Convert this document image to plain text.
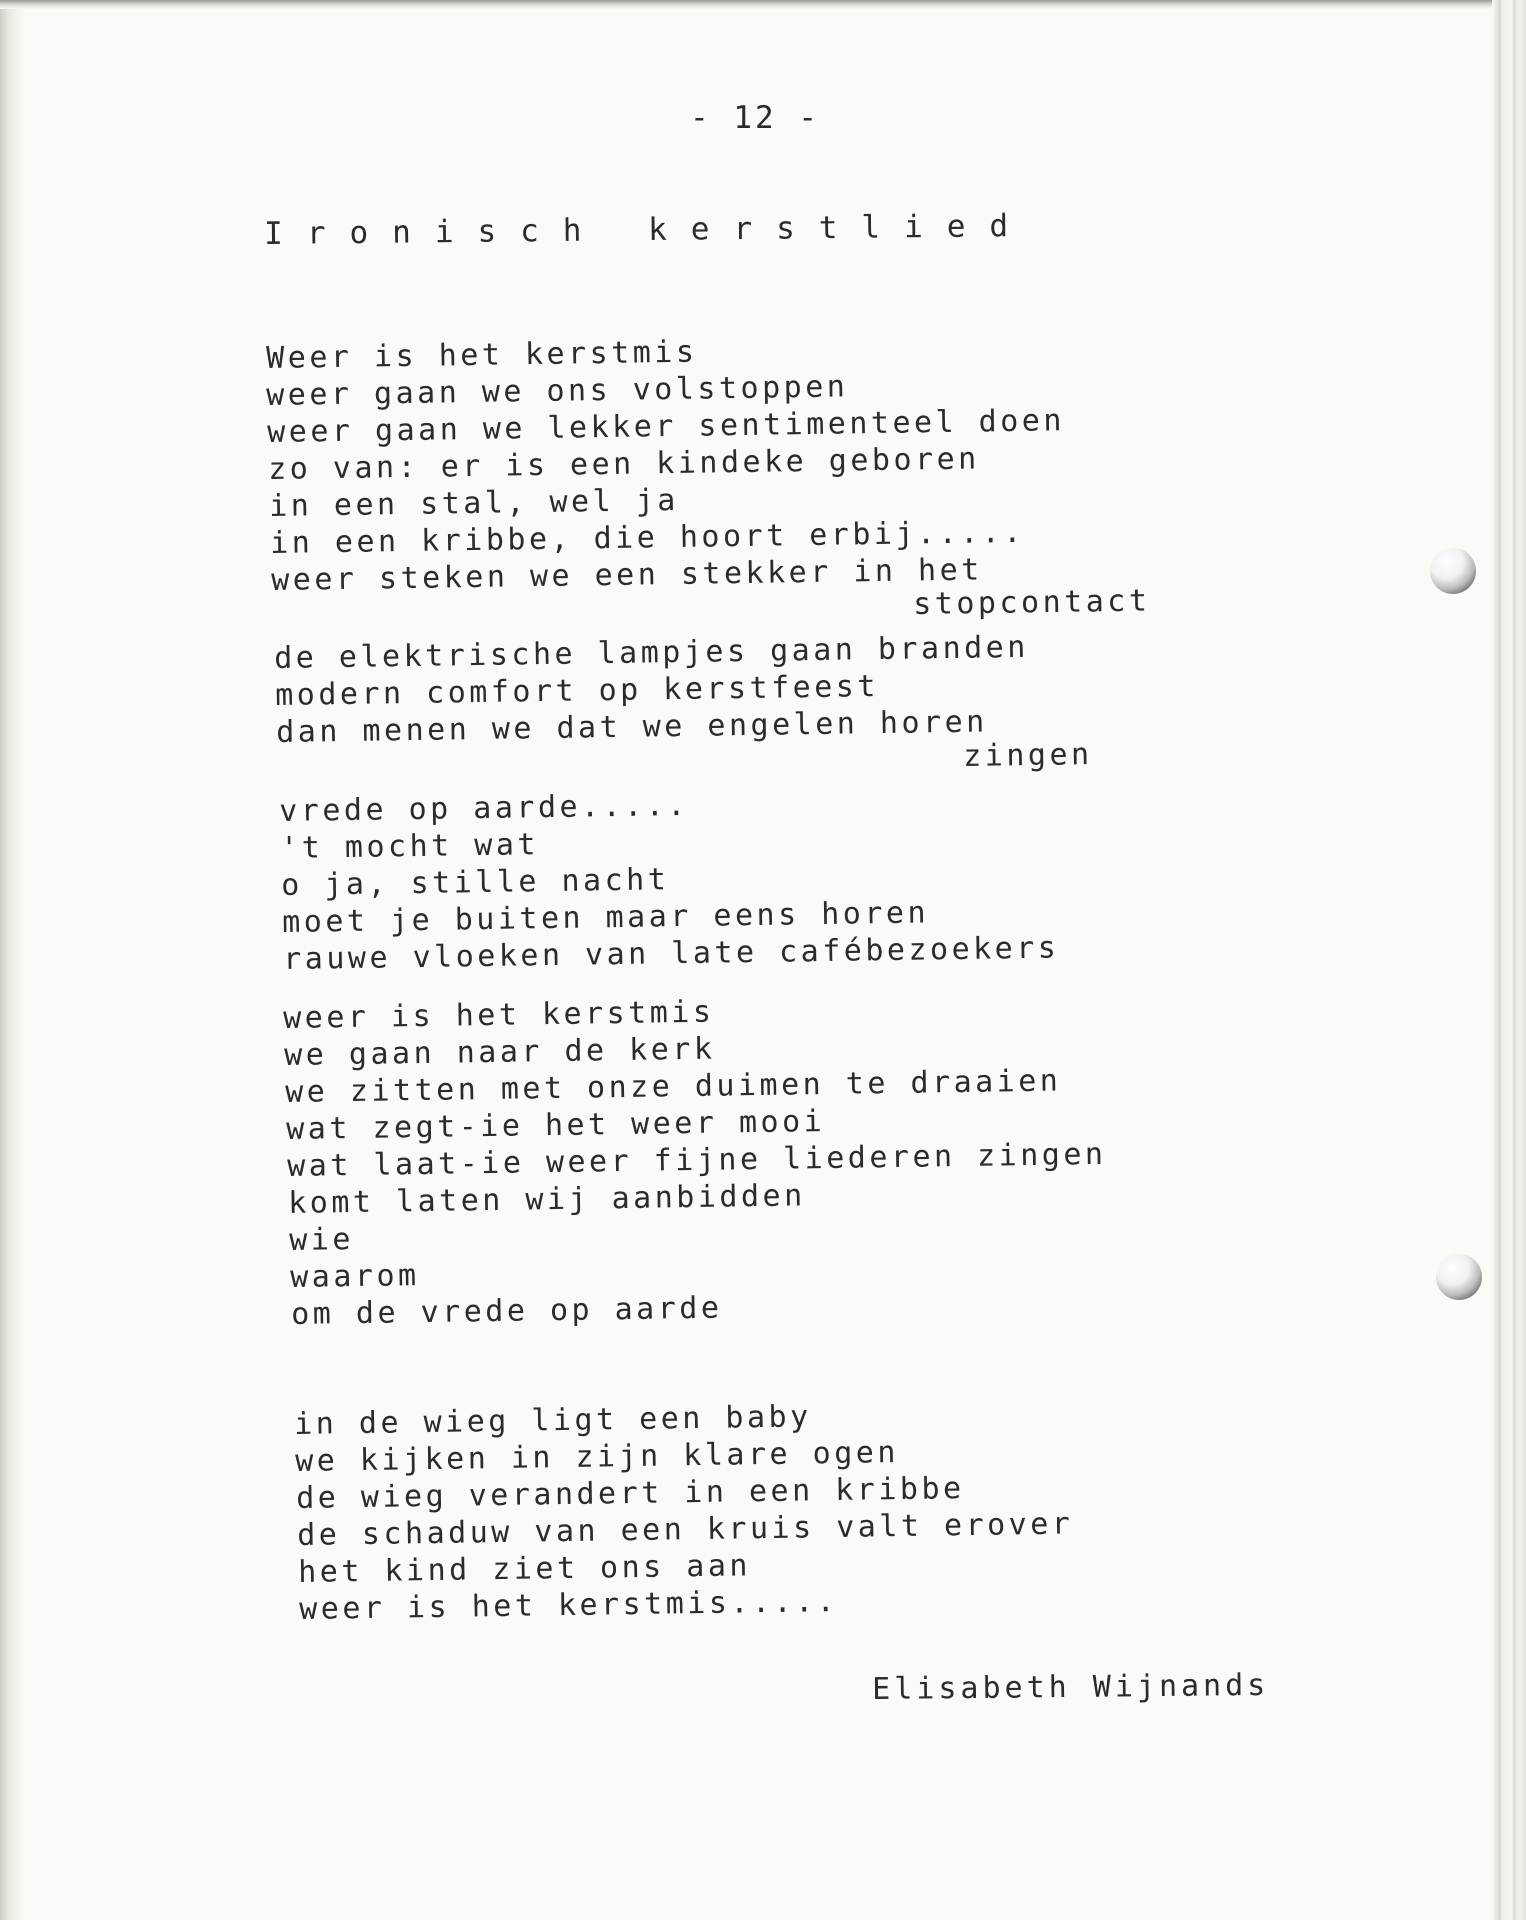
- 12 -
Ironisch kerstlied
Weer is het kerstmis
weer gaan we ons volstoppen
weer gaan we lekker sentimenteel doen
zo van: er is een kindeke geboren
in een stal, wel ja
in een kribbe, die hoort erbij.....
weer steken we een stekker in het
stopcontact
de elektrische lampjes gaan branden
modern comfort op kerstfeest
dan menen we dat we engelen horen
zingen
vrede op aarde.....
't mocht wat
o ja, stille nacht
moet je buiten maar eens horen
rauwe vloeken van late cafébezoekers
weer is het kerstmis
we gaan naar de kerk
we zitten met onze duimen te draaien
wat zegt-ie het weer mooi
wat laat-ie weer fijne liederen zingen
komt laten wij aanbidden
wie
waarom
om de vrede op aarde
in de wieg ligt een baby
we kijken in zijn klare ogen
de wieg verandert in een kribbe
de schaduw van een kruis valt erover
het kind ziet ons aan
weer is het kerstmis.....
Elisabeth Wijnands
